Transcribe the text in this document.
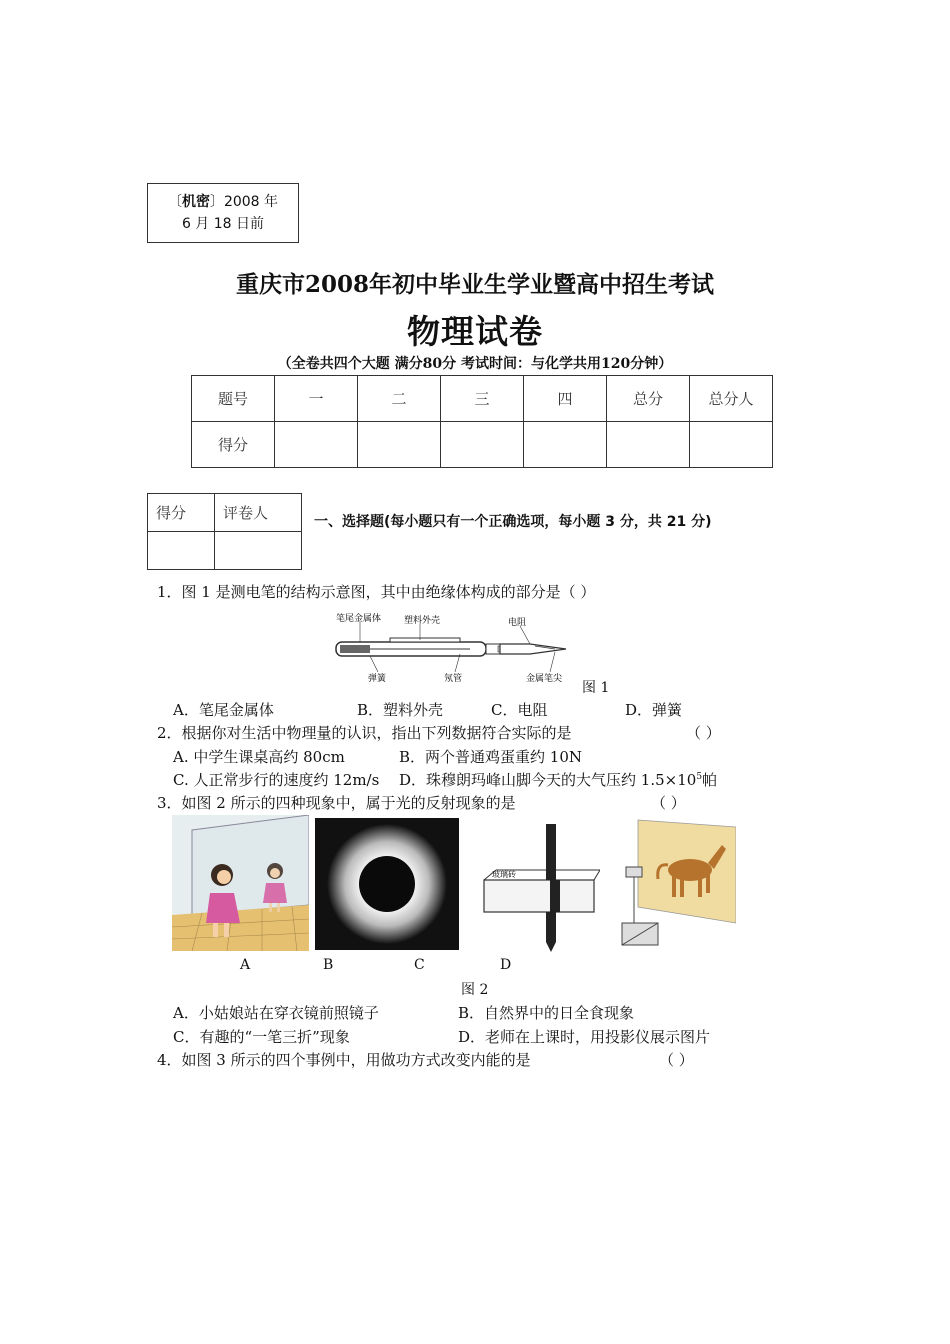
〔机密〕2008 年
6 月 18 日前
重庆市2008年初中毕业生学业暨高中招生考试
物理试卷
（全卷共四个大题 满分80分 考试时间：与化学共用120分钟）
题号	一	二	三	四	总分	总分人
得分						
得分	评卷人
		一、选择题(每小题只有一个正确选项，每小题 3 分，共 21 分)
1．图 1 是测电笔的结构示意图，其中由绝缘体构成的部分是（ ）
笔尾金属体	塑料外壳	电阻
弹簧	氖管	金属笔尖
图 1
A．笔尾金属体	B．塑料外壳	C．电阻	D．弹簧
2．根据你对生活中物理量的认识，指出下列数据符合实际的是	（ ）
A. 中学生课桌高约 80cm	B．两个普通鸡蛋重约 10N
C. 人正常步行的速度约 12m/s D．珠穆朗玛峰山脚今天的大气压约 $1.5\times 10^5$帕
3．如图 2 所示的四种现象中，属于光的反射现象的是	（ ）
玻璃砖
A	B	C	D
图 2
A．小姑娘站在穿衣镜前照镜子	B．自然界中的日全食现象
C．有趣的“一笔三折”现象	D．老师在上课时，用投影仪展示图片
4．如图 3 所示的四个事例中，用做功方式改变内能的是	（ ）
